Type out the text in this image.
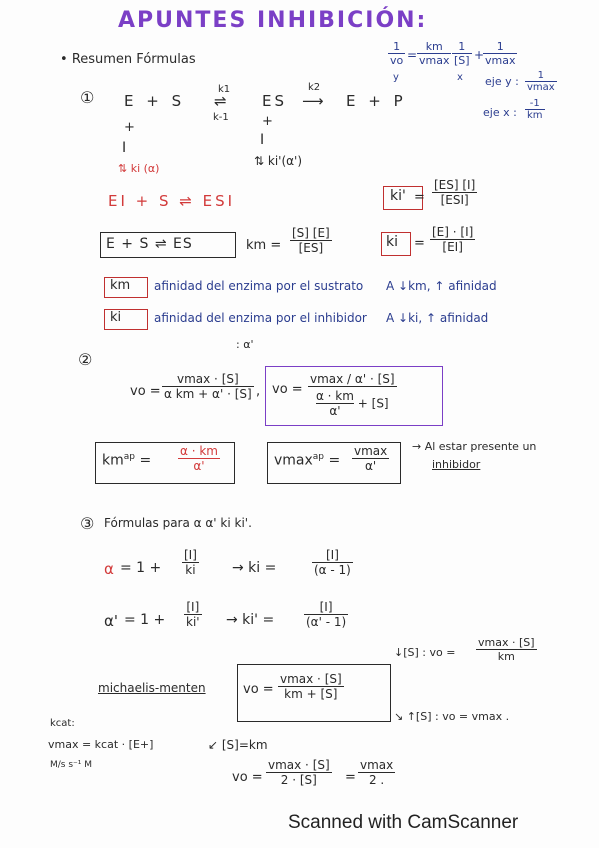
APUNTES INHIBICIÓN:
• Resumen Fórmulas	$\frac{1}{vo}$ =
km
vmax $\frac{1}{[S]}$ +
1
vmax
y	x eje y :	1
vmax
eje x : $\frac{-1}{km}$
① E + S
k1
⇌
k-1
ES
k2
⟶ E + P
+
I
⇅ ki (α)
+
I
⇅ ki'(α')
EI + S ⇌ ESI	ki' =
[ES] [I]
[ESI]
E + S ⇌ ES	km = $\frac{[S] [E]}{[ES]}$	ki = $\frac{[E] \cdot [I]}{[EI]}$
km afinidad del enzima por el sustrato A ↓km, ↑ afinidad
ki	afinidad del enzima por el inhibidor A ↓ki, ↑ afinidad
②
: α'
vo =
vmax · [S]
α km + α' · [S] , vo =
vmax / α' · [S]
$\frac{\alpha \cdot km}{\alpha'} + [S]$
$km^{ap} = \frac{\alpha \cdot km}{\alpha'}$	vmax$^{ap}$ =
vmax
α'
→ Al estar presente un
inhibidor
③ Fórmulas para α α' ki ki'.
$\alpha = 1 + \frac{[I]}{ki}$ → ki =	$\frac{[I]}{(\alpha - 1)}$
$\alpha' = 1 + \frac{[I]}{ki'} \to ki' = \frac{[I]}{(\alpha' - 1)}$
michaelis-menten	vo =
vmax · [S]
km + [S]
↓[S] : vo =
vmax · [S]
km
↘ ↑[S] : vo = vmax .
kcat:
vmax = kcat · [E+]
M/s s⁻¹ M
↙ [S]=km
vo =
vmax · [S]
2 · [S]	=
vmax
2 .
Scanned with CamScanner
